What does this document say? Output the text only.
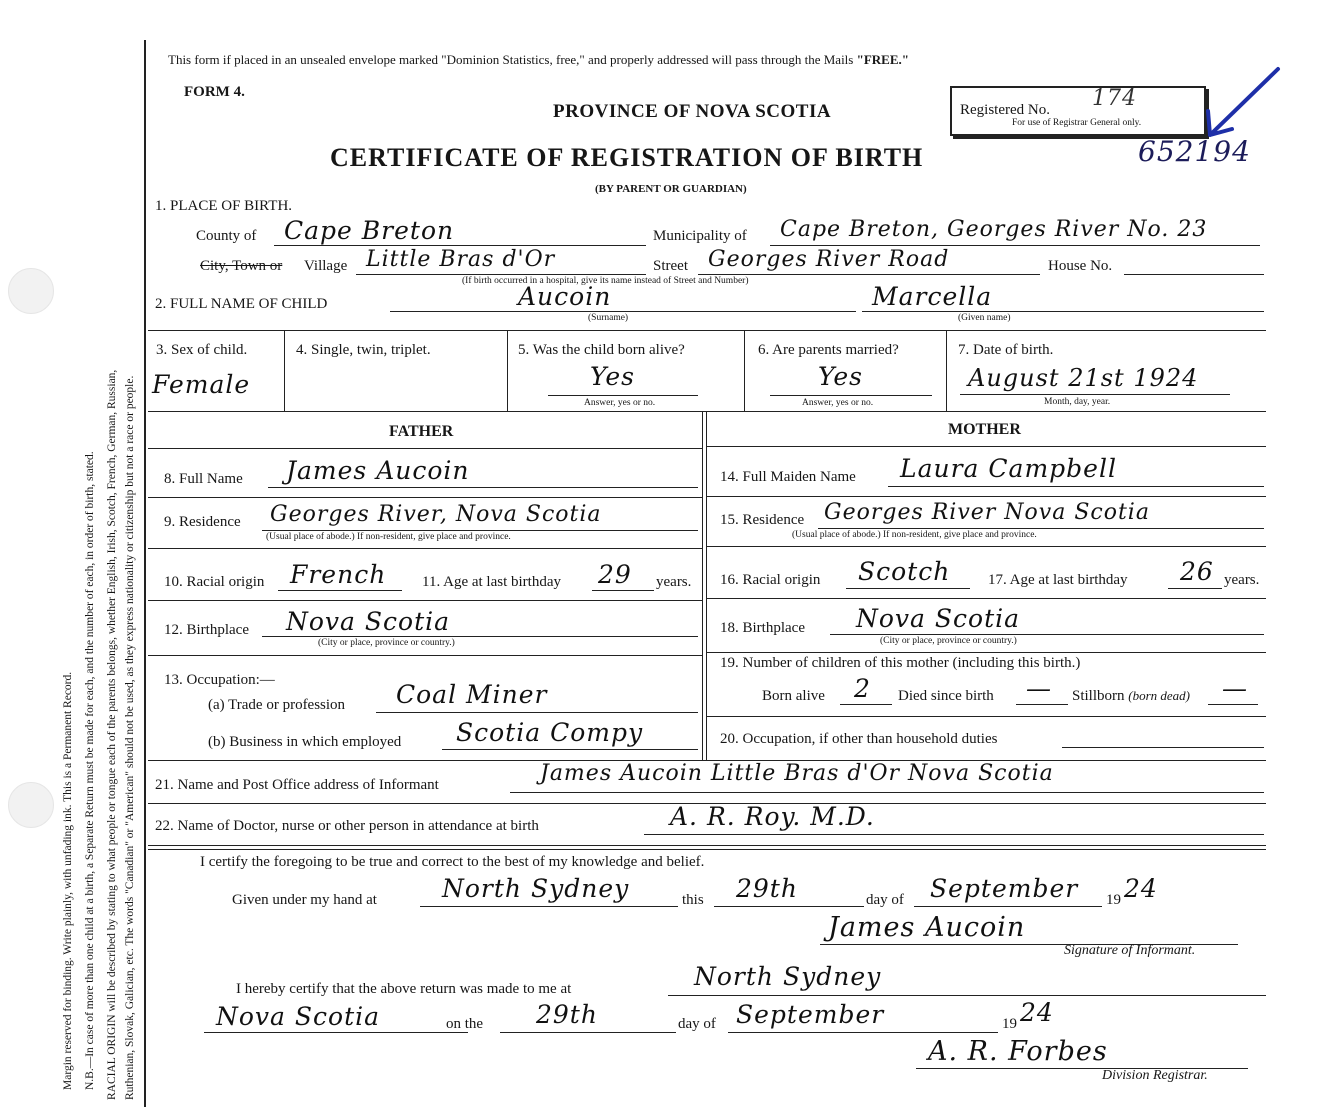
Margin reserved for binding. Write plainly, with unfading ink. This is a Permanent Record. N.B.—In case of more than one child at a birth, a Separate Return must be made for each, and the number of each, in order of birth, stated. RACIAL ORIGIN will be described by stating to what people or tongue each of the parents belongs, whether English, Irish, Scotch, French, German, Russian, Ruthenian, Slovak, Galician, etc. The words "Canadian" or "American" should not be used, as they express nationality or citizenship but not a race or people.
This form if placed in an unsealed envelope marked "Dominion Statistics, free," and properly addressed will pass through the Mails "FREE."
FORM 4.
PROVINCE OF NOVA SCOTIA
CERTIFICATE OF REGISTRATION OF BIRTH
(BY PARENT OR GUARDIAN)
Registered No. 174
For use of Registrar General only.
652194
1. PLACE OF BIRTH.
County of Cape Breton	Municipality of Cape Breton, Georges River No. 23
City, Town or Village Little Bras d'Or	Street Georges River Road	House No.
(If birth occurred in a hospital, give its name instead of Street and Number)
2. FULL NAME OF CHILD	Aucoin
(Surname)
Marcella
(Given name)
3. Sex of child.
Female
4. Single, twin, triplet.	5. Was the child born alive?
Yes
Answer, yes or no.
6. Are parents married?
Yes
Answer, yes or no.
7. Date of birth.
August 21st 1924
Month, day, year.
FATHER
8. Full Name James Aucoin
9. Residence Georges River, Nova Scotia
(Usual place of abode.) If non-resident, give place and province.
10. Racial origin French 11. Age at last birthday 29 years.
12. Birthplace Nova Scotia
(City or place, province or country.)
13. Occupation:—
(a) Trade or profession Coal Miner
(b) Business in which employed Scotia Compy
MOTHER
14. Full Maiden Name Laura Campbell
15. Residence Georges River Nova Scotia
(Usual place of abode.) If non-resident, give place and province.
16. Racial origin Scotch	17. Age at last birthday 26 years.
18. Birthplace Nova Scotia
(City or place, province or country.)
19. Number of children of this mother (including this birth.)
Born alive 2 Died since birth — Stillborn (born dead) —
20. Occupation, if other than household duties
21. Name and Post Office address of Informant	James Aucoin Little Bras d'Or Nova Scotia
22. Name of Doctor, nurse or other person in attendance at birth	A. R. Roy. M.D.
I certify the foregoing to be true and correct to the best of my knowledge and belief.
Given under my hand at	North Sydney	this 29th	day of September 19 24
James Aucoin
Signature of Informant.
I hereby certify that the above return was made to me at	North Sydney
Nova Scotia	on the 29th	day of September	19 24
A. R. Forbes
Division Registrar.
